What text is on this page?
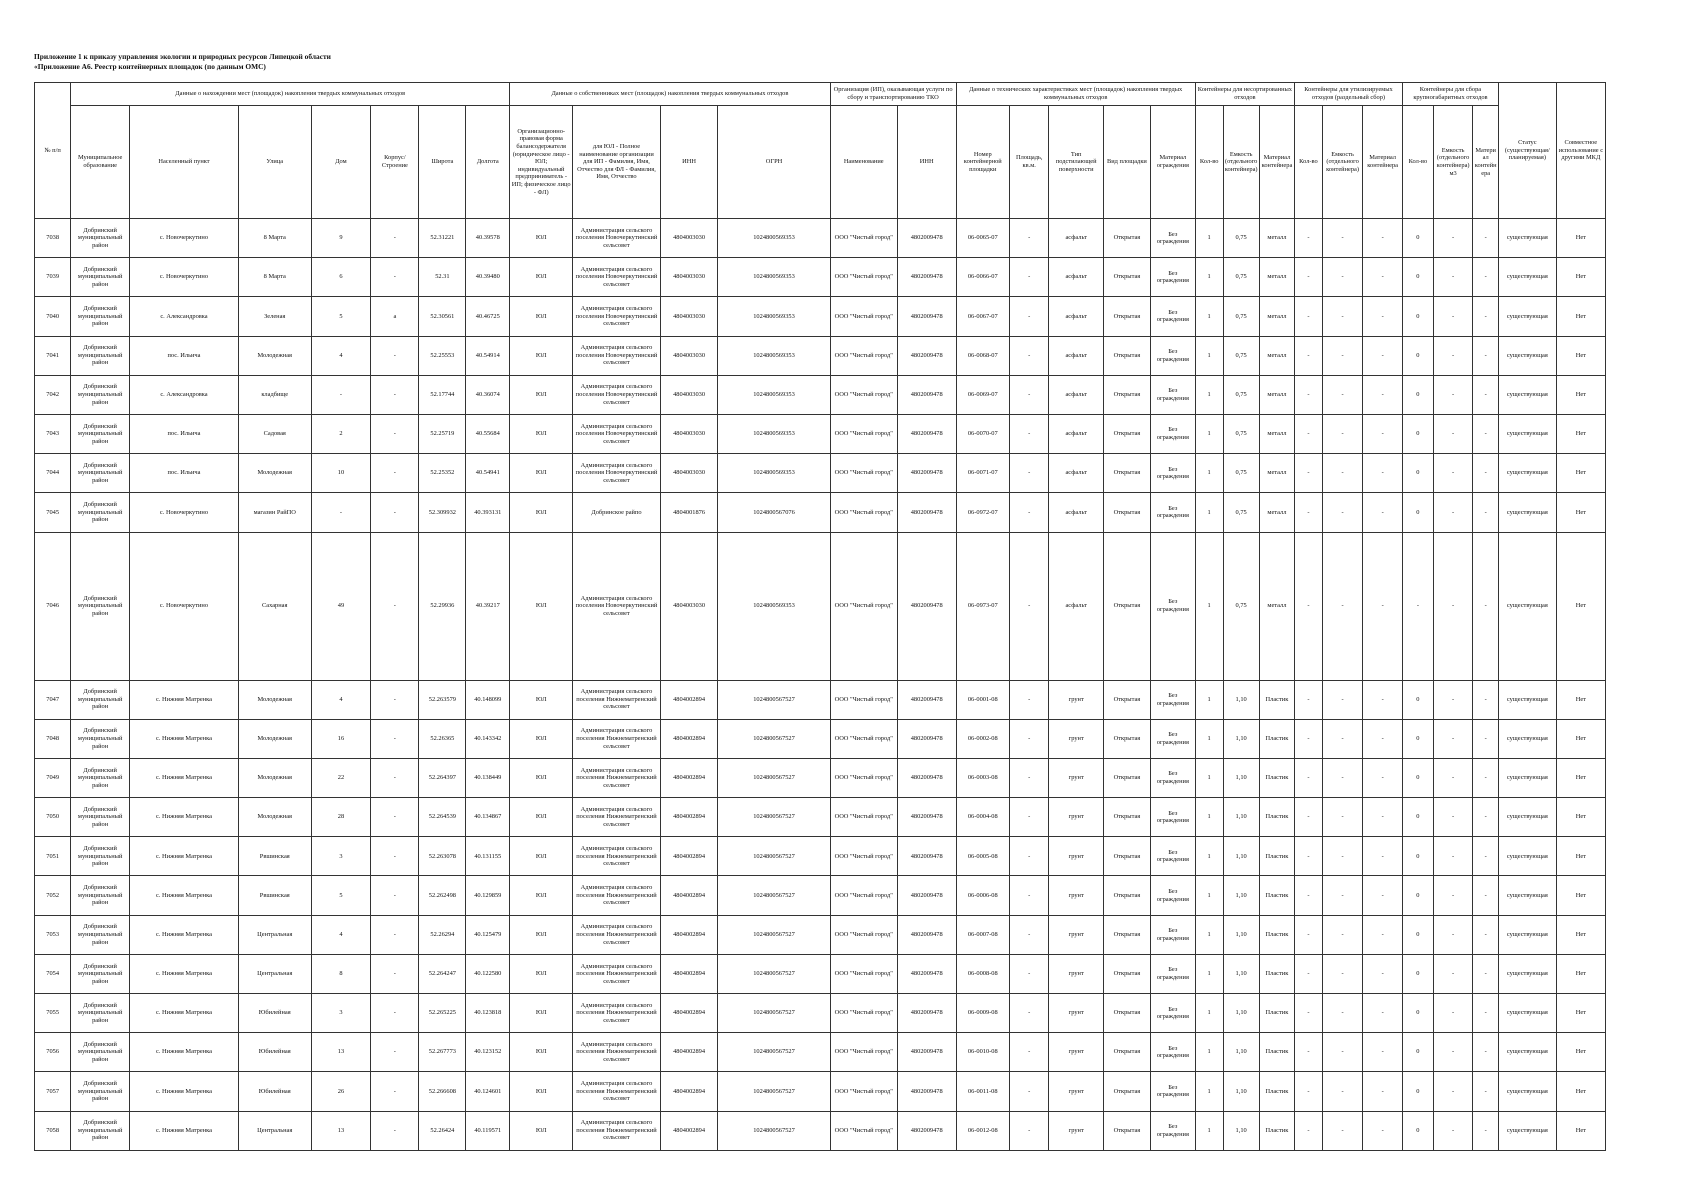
Приложение 1 к приказу управления экологии и природных ресурсов Липецкой области
«Приложение А6. Реестр контейнерных площадок (по данным ОМС)
№ п/п	Данные о нахождении мест (площадок) накопления твердых коммунальных отходов							Данные о собственниках мест (площадок) накопления твердых коммунальных отходов				Организация (ИП), оказывающая услуги по сбору и транспортированию ТКО		Данные о технических характеристиках мест (площадок) накопления твердых коммунальных отходов					Контейнеры для несортированных отходов			Контейнеры для утилизируемых отходов (раздельный сбор)			Контейнеры для сбора крупногабаритных отходов			Статус (существующая/ планируемая)	Совместное использование с другими МКД
	Муниципальное образование	Населенный пункт	Улица	Дом	Корпус/Строение	Широта	Долгота	Организационно-правовая форма балансодержателя (юридическое лицо - ЮЛ; индивидуальный предприниматель - ИП; физическое лицо - ФЛ)	для ЮЛ - Полное наименование организации для ИП - Фамилия, Имя, Отчество для ФЛ - Фамилия, Имя, Отчество	ИНН	ОГРН	Наименование	ИНН	Номер контейнерной площадки	Площадь, кв.м.	Тип подстилающей поверхности	Вид площадки	Материал ограждения	Кол-во	Емкость (отдельного контейнера)	Материал контейнера	Кол-во	Емкость (отдельного контейнера)	Материал контейнера	Кол-во	Емкость (отдельного контейнера) м3	Материал контейнера		
7038	Добринский муниципальный район	с. Новочеркутино	8 Марта	9	-	52.31221	40.39578	ЮЛ	Администрация сельского поселения Новочеркутинский сельсовет	4804003030	1024800569353	ООО "Чистый город"	4802009478	06-0065-07	-	асфальт	Открытая	Без ограждения	1	0,75	металл	-	-	-	0	-	-	существующая	Нет
7039	Добринский муниципальный район	с. Новочеркутино	8 Марта	6	-	52.31	40.39480	ЮЛ	Администрация сельского поселения Новочеркутинский сельсовет	4804003030	1024800569353	ООО "Чистый город"	4802009478	06-0066-07	-	асфальт	Открытая	Без ограждения	1	0,75	металл	-	-	-	0	-	-	существующая	Нет
7040	Добринский муниципальный район	с. Александровка	Зеленая	5	а	52.30561	40.46725	ЮЛ	Администрация сельского поселения Новочеркутинский сельсовет	4804003030	1024800569353	ООО "Чистый город"	4802009478	06-0067-07	-	асфальт	Открытая	Без ограждения	1	0,75	металл	-	-	-	0	-	-	существующая	Нет
7041	Добринский муниципальный район	пос. Ильича	Молодежная	4	-	52.25553	40.54914	ЮЛ	Администрация сельского поселения Новочеркутинский сельсовет	4804003030	1024800569353	ООО "Чистый город"	4802009478	06-0068-07	-	асфальт	Открытая	Без ограждения	1	0,75	металл	-	-	-	0	-	-	существующая	Нет
7042	Добринский муниципальный район	с. Александровка	кладбище	-	-	52.17744	40.36074	ЮЛ	Администрация сельского поселения Новочеркутинский сельсовет	4804003030	1024800569353	ООО "Чистый город"	4802009478	06-0069-07	-	асфальт	Открытая	Без ограждения	1	0,75	металл	-	-	-	0	-	-	существующая	Нет
7043	Добринский муниципальный район	пос. Ильича	Садовая	2	-	52.25719	40.55684	ЮЛ	Администрация сельского поселения Новочеркутинский сельсовет	4804003030	1024800569353	ООО "Чистый город"	4802009478	06-0070-07	-	асфальт	Открытая	Без ограждения	1	0,75	металл	-	-	-	0	-	-	существующая	Нет
7044	Добринский муниципальный район	пос. Ильича	Молодежная	10	-	52.25352	40.54941	ЮЛ	Администрация сельского поселения Новочеркутинский сельсовет	4804003030	1024800569353	ООО "Чистый город"	4802009478	06-0071-07	-	асфальт	Открытая	Без ограждения	1	0,75	металл	-	-	-	0	-	-	существующая	Нет
7045	Добринский муниципальный район	с. Новочеркутино	магазин РайПО	-	-	52.309932	40.393131	ЮЛ	Добринское райпо	4804001876	1024800567076	ООО "Чистый город"	4802009478	06-0972-07	-	асфальт	Открытая	Без ограждения	1	0,75	металл	-	-	-	0	-	-	существующая	Нет
7046	Добринский муниципальный район	с. Новочеркутино	Сахарная	49	-	52.29936	40.39217	ЮЛ	Администрация сельского поселения Новочеркутинский сельсовет	4804003030	1024800569353	ООО "Чистый город"	4802009478	06-0973-07	-	асфальт	Открытая	Без ограждения	1	0,75	металл	-	-	-	-	-	-	существующая	Нет
7047	Добринский муниципальный район	с. Нижняя Матренка	Молодежная	4	-	52.263579	40.148099	ЮЛ	Администрация сельского поселения Нижнематренский сельсовет	4804002894	1024800567527	ООО "Чистый город"	4802009478	06-0001-08	-	грунт	Открытая	Без ограждения	1	1,10	Пластик	-	-	-	0	-	-	существующая	Нет
7048	Добринский муниципальный район	с. Нижняя Матренка	Молодежная	16	-	52.26365	40.143342	ЮЛ	Администрация сельского поселения Нижнематренский сельсовет	4804002894	1024800567527	ООО "Чистый город"	4802009478	06-0002-08	-	грунт	Открытая	Без ограждения	1	1,10	Пластик	-	-	-	0	-	-	существующая	Нет
7049	Добринский муниципальный район	с. Нижняя Матренка	Молодежная	22	-	52.264397	40.138449	ЮЛ	Администрация сельского поселения Нижнематренский сельсовет	4804002894	1024800567527	ООО "Чистый город"	4802009478	06-0003-08	-	грунт	Открытая	Без ограждения	1	1,10	Пластик	-	-	-	0	-	-	существующая	Нет
7050	Добринский муниципальный район	с. Нижняя Матренка	Молодежная	28	-	52.264539	40.134867	ЮЛ	Администрация сельского поселения Нижнематренский сельсовет	4804002894	1024800567527	ООО "Чистый город"	4802009478	06-0004-08	-	грунт	Открытая	Без ограждения	1	1,10	Пластик	-	-	-	0	-	-	существующая	Нет
7051	Добринский муниципальный район	с. Нижняя Матренка	Рвшинская	3	-	52.263078	40.131155	ЮЛ	Администрация сельского поселения Нижнематренский сельсовет	4804002894	1024800567527	ООО "Чистый город"	4802009478	06-0005-08	-	грунт	Открытая	Без ограждения	1	1,10	Пластик	-	-	-	0	-	-	существующая	Нет
7052	Добринский муниципальный район	с. Нижняя Матренка	Рвшинская	5	-	52.262498	40.129859	ЮЛ	Администрация сельского поселения Нижнематренский сельсовет	4804002894	1024800567527	ООО "Чистый город"	4802009478	06-0006-08	-	грунт	Открытая	Без ограждения	1	1,10	Пластик	-	-	-	0	-	-	существующая	Нет
7053	Добринский муниципальный район	с. Нижняя Матренка	Центральная	4	-	52.26294	40.125479	ЮЛ	Администрация сельского поселения Нижнематренский сельсовет	4804002894	1024800567527	ООО "Чистый город"	4802009478	06-0007-08	-	грунт	Открытая	Без ограждения	1	1,10	Пластик	-	-	-	0	-	-	существующая	Нет
7054	Добринский муниципальный район	с. Нижняя Матренка	Центральная	8	-	52.264247	40.122580	ЮЛ	Администрация сельского поселения Нижнематренский сельсовет	4804002894	1024800567527	ООО "Чистый город"	4802009478	06-0008-08	-	грунт	Открытая	Без ограждения	1	1,10	Пластик	-	-	-	0	-	-	существующая	Нет
7055	Добринский муниципальный район	с. Нижняя Матренка	Юбилейная	3	-	52.265225	40.123818	ЮЛ	Администрация сельского поселения Нижнематренский сельсовет	4804002894	1024800567527	ООО "Чистый город"	4802009478	06-0009-08	-	грунт	Открытая	Без ограждения	1	1,10	Пластик	-	-	-	0	-	-	существующая	Нет
7056	Добринский муниципальный район	с. Нижняя Матренка	Юбилейная	13	-	52.267773	40.123152	ЮЛ	Администрация сельского поселения Нижнематренский сельсовет	4804002894	1024800567527	ООО "Чистый город"	4802009478	06-0010-08	-	грунт	Открытая	Без ограждения	1	1,10	Пластик	-	-	-	0	-	-	существующая	Нет
7057	Добринский муниципальный район	с. Нижняя Матренка	Юбилейная	26	-	52.266608	40.124601	ЮЛ	Администрация сельского поселения Нижнематренский сельсовет	4804002894	1024800567527	ООО "Чистый город"	4802009478	06-0011-08	-	грунт	Открытая	Без ограждения	1	1,10	Пластик	-	-	-	0	-	-	существующая	Нет
7058	Добринский муниципальный район	с. Нижняя Матренка	Центральная	13	-	52.26424	40.119571	ЮЛ	Администрация сельского поселения Нижнематренский сельсовет	4804002894	1024800567527	ООО "Чистый город"	4802009478	06-0012-08	-	грунт	Открытая	Без ограждения	1	1,10	Пластик	-	-	-	0	-	-	существующая	Нет
